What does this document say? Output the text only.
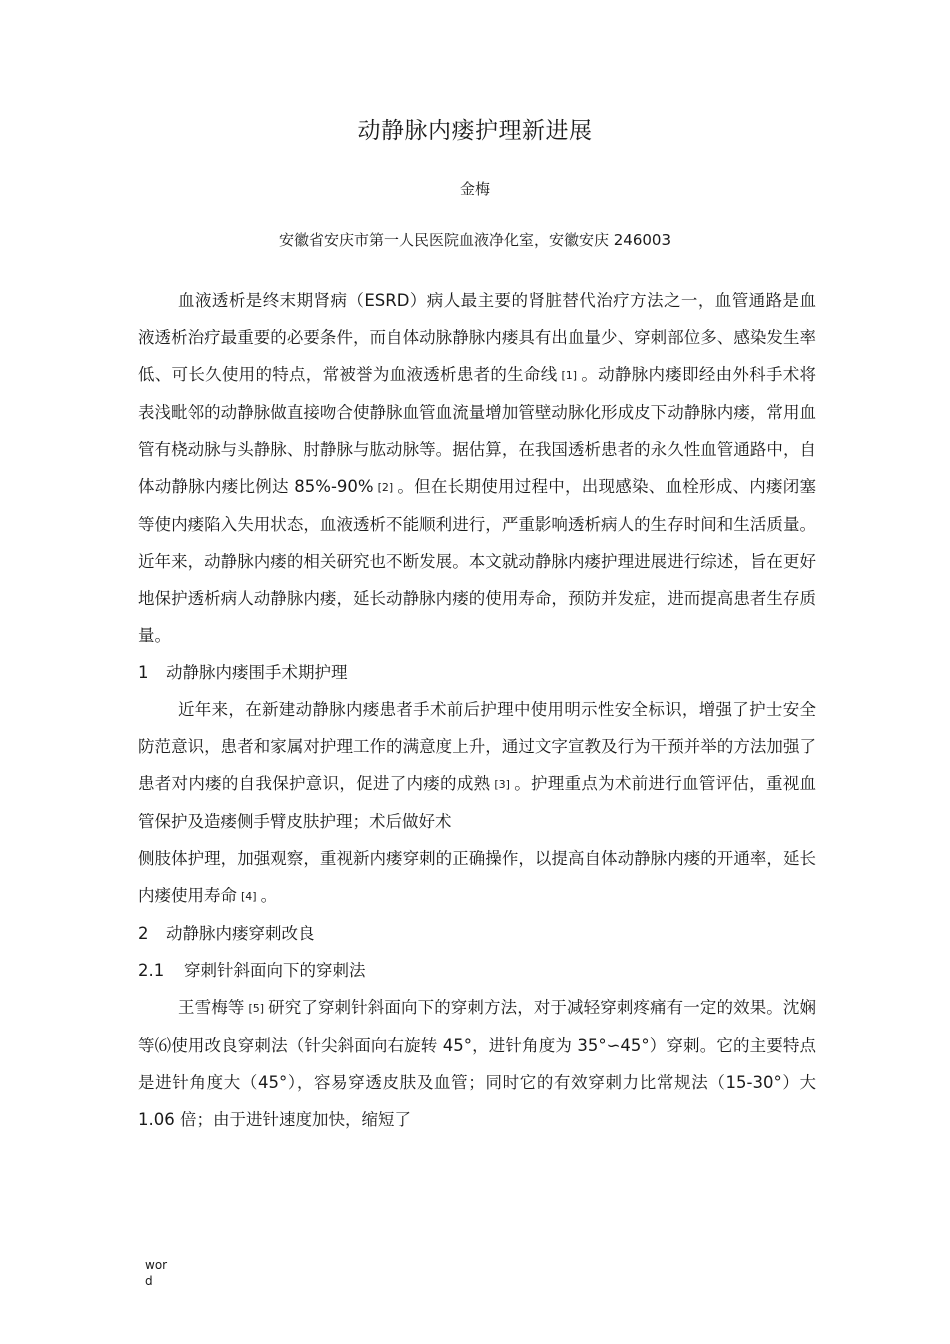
动静脉内瘘护理新进展
金梅
安徽省安庆市第一人民医院血液净化室，安徽安庆 246003

血液透析是终末期肾病（ESRD）病人最主要的肾脏替代治疗方法之一，血管通路是血液透析治疗最重要的必要条件，而自体动脉静脉内瘘具有出血量少、穿刺部位多、感染发生率低、可长久使用的特点，常被誉为血液透析患者的生命线 [1] 。动静脉内瘘即经由外科手术将表浅毗邻的动静脉做直接吻合使静脉血管血流量增加管壁动脉化形成皮下动静脉内瘘，常用血管有桡动脉与头静脉、肘静脉与肱动脉等。据估算，在我国透析患者的永久性血管通路中，自体动静脉内瘘比例达 85%-90% [2] 。但在长期使用过程中，出现感染、血栓形成、内瘘闭塞等使内瘘陷入失用状态，血液透析不能顺利进行，严重影响透析病人的生存时间和生活质量。近年来，动静脉内瘘的相关研究也不断发展。本文就动静脉内瘘护理进展进行综述，旨在更好地保护透析病人动静脉内瘘，延长动静脉内瘘的使用寿命，预防并发症，进而提高患者生存质量。

1 动静脉内瘘围手术期护理

近年来，在新建动静脉内瘘患者手术前后护理中使用明示性安全标识，增强了护士安全防范意识，患者和家属对护理工作的满意度上升，通过文字宣教及行为干预并举的方法加强了患者对内瘘的自我保护意识，促进了内瘘的成熟 [3] 。护理重点为术前进行血管评估，重视血管保护及造瘘侧手臂皮肤护理；术后做好术

侧肢体护理，加强观察，重视新内瘘穿刺的正确操作，以提高自体动静脉内瘘的开通率，延长内瘘使用寿命 [4] 。

2 动静脉内瘘穿刺改良

2.1 穿刺针斜面向下的穿刺法

王雪梅等 [5] 研究了穿刺针斜面向下的穿刺方法，对于减轻穿刺疼痛有一定的效果。沈娴等⑹使用改良穿刺法（针尖斜面向右旋转 45°，进针角度为 35°∽45°）穿刺。它的主要特点是进针角度大（45°），容易穿透皮肤及血管；同时它的有效穿刺力比常规法（15-30°）大 1.06 倍；由于进针速度加快，缩短了

word
